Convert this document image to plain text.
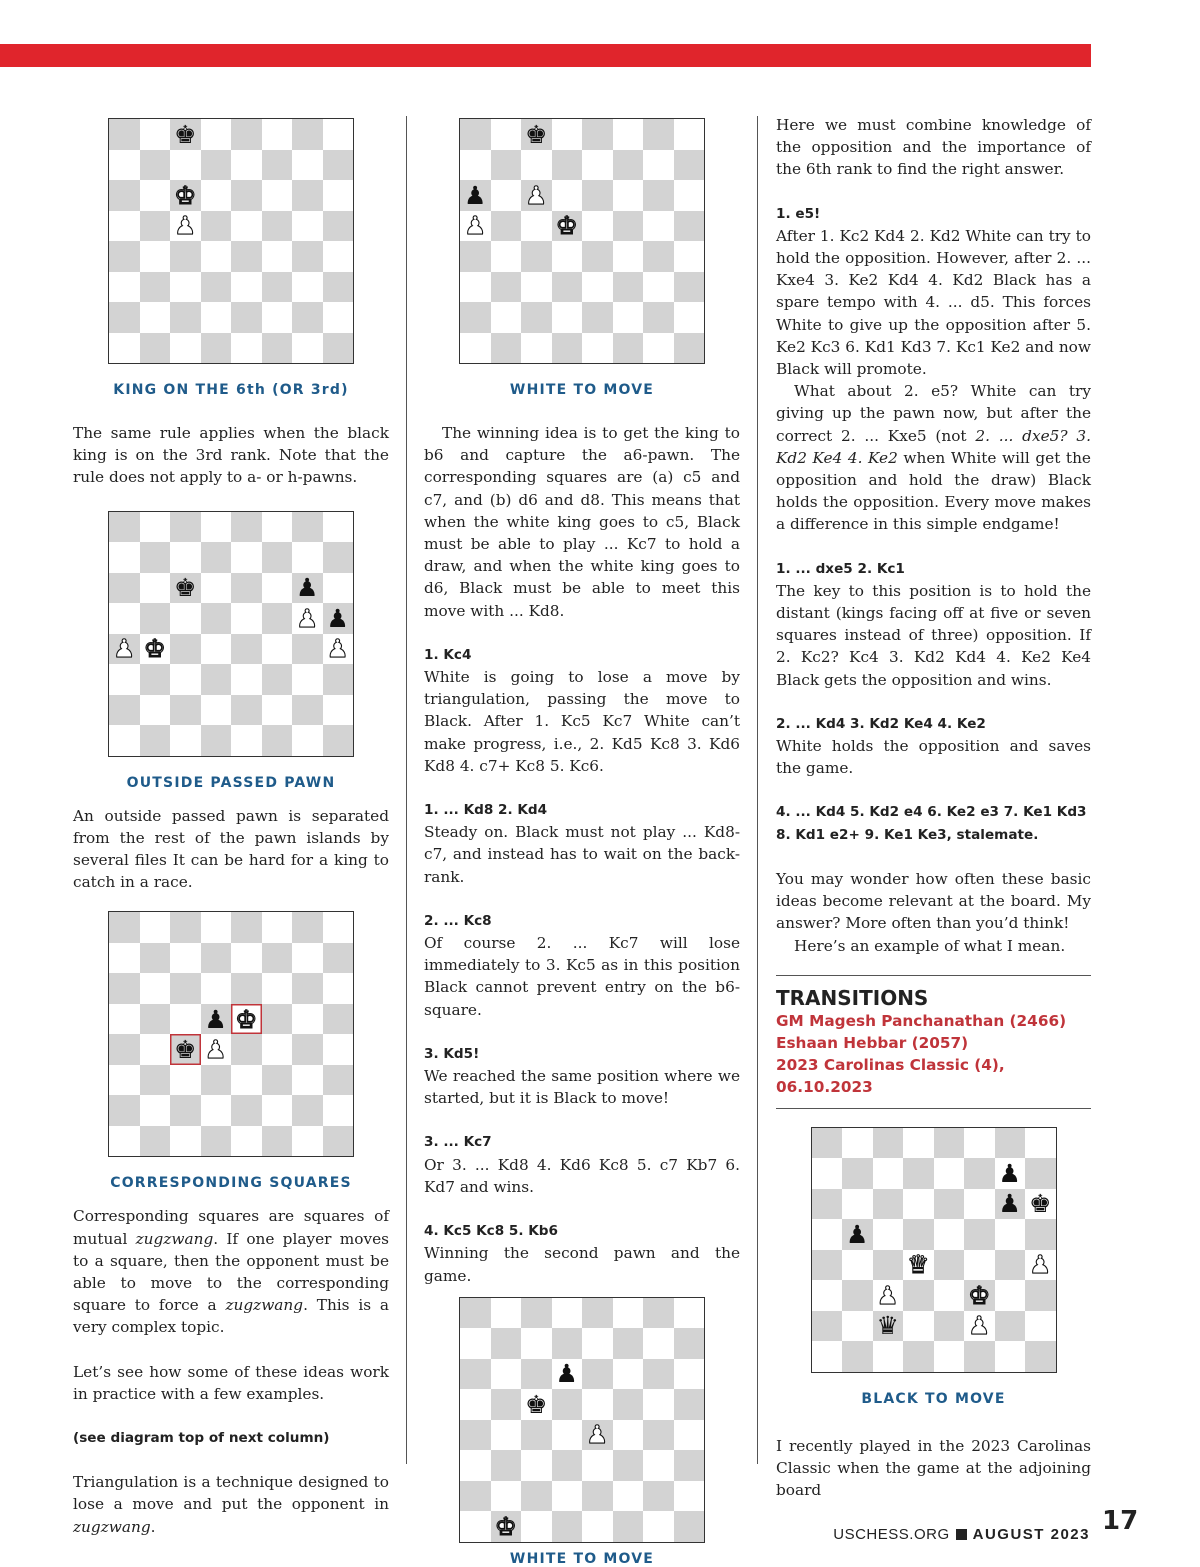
♚
♚
♟
KING ON THE 6th (OR 3rd)

The same rule applies when the black king is on the 3rd rank. Note that the rule does not apply to a- or h-pawns.

♚	♟
♟ ♟
♟ ♚	♟
OUTSIDE PASSED PAWN

An outside passed pawn is separated from the rest of the pawn islands by several files It can be hard for a king to catch in a race.

♟ ♚
♚ ♟
CORRESPONDING SQUARES

Corresponding squares are squares of mutual zugzwang. If one player moves to a square, then the opponent must be able to move to the corresponding square to force a zugzwang. This is a very complex topic.

Let’s see how some of these ideas work in practice with a few examples.

(see diagram top of next column)

Triangulation is a technique designed to lose a move and put the opponent in zugzwang.

♚
♟ ♟
♟	♚
WHITE TO MOVE

The winning idea is to get the king to b6 and capture the a6-pawn. The corresponding squares are (a) c5 and c7, and (b) d6 and d8. This means that when the white king goes to c5, Black must be able to play ... Kc7 to hold a draw, and when the white king goes to d6, Black must be able to meet this move with ... Kd8.

1. Kc4

White is going to lose a move by triangulation, passing the move to Black. After 1. Kc5 Kc7 White can’t make progress, i.e., 2. Kd5 Kc8 3. Kd6 Kd8 4. c7+ Kc8 5. Kc6.

1. ... Kd8 2. Kd4

Steady on. Black must not play ... Kd8-c7, and instead has to wait on the back-rank.

2. ... Kc8

Of course 2. ... Kc7 will lose immediately to 3. Kc5 as in this position Black cannot prevent entry on the b6-square.

3. Kd5!

We reached the same position where we started, but it is Black to move!

3. ... Kc7

Or 3. ... Kd8 4. Kd6 Kc8 5. c7 Kb7 6. Kd7 and wins.

4. Kc5 Kc8 5. Kb6

Winning the second pawn and the game.

♟
♚
♟
♚
WHITE TO MOVE

Here we must combine knowledge of the opposition and the importance of the 6th rank to find the right answer.

1. e5!

After 1. Kc2 Kd4 2. Kd2 White can try to hold the opposition. However, after 2. ... Kxe4 3. Ke2 Kd4 4. Kd2 Black has a spare tempo with 4. ... d5. This forces White to give up the opposition after 5. Ke2 Kc3 6. Kd1 Kd3 7. Kc1 Ke2 and now Black will promote.

What about 2. e5? White can try giving up the pawn now, but after the correct 2. ... Kxe5 (not 2. ... dxe5? 3. Kd2 Ke4 4. Ke2 when White will get the opposition and hold the draw) Black holds the opposition. Every move makes a difference in this simple endgame!

1. ... dxe5 2. Kc1

The key to this position is to hold the distant (kings facing off at five or seven squares instead of three) opposition. If 2. Kc2? Kc4 3. Kd2 Kd4 4. Ke2 Ke4 Black gets the opposition and wins.

2. ... Kd4 3. Kd2 Ke4 4. Ke2

White holds the opposition and saves the game.

4. ... Kd4 5. Kd2 e4 6. Ke2 e3 7. Ke1 Kd3 8. Kd1 e2+ 9. Ke1 Ke3, stalemate.

You may wonder how often these basic ideas become relevant at the board. My answer? More often than you’d think!

Here’s an example of what I mean.

TRANSITIONS
GM Magesh Panchanathan (2466)
Eshaan Hebbar (2057)
2023 Carolinas Classic (4), 06.10.2023
♟
♟ ♚
♟
♛	♟
♟	♚
♛	♟
BLACK TO MOVE

I recently played in the 2023 Carolinas Classic when the game at the adjoining board

USCHESS.ORG AUGUST 2023 17
